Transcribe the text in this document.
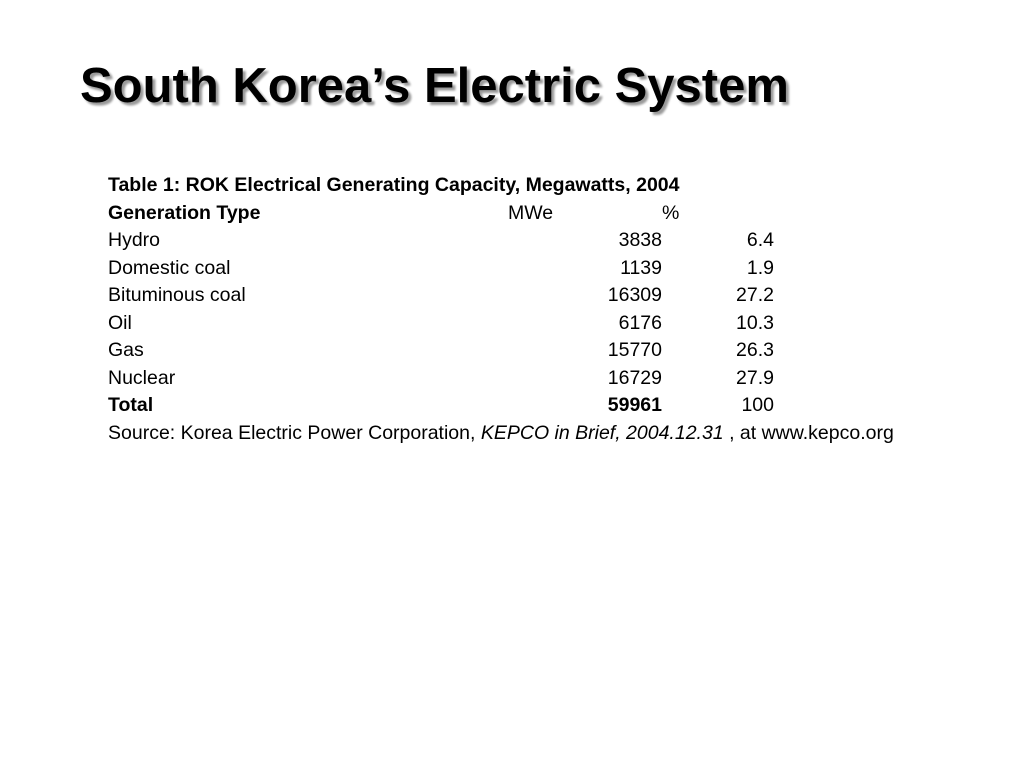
South Korea’s Electric System
Table 1: ROK Electrical Generating Capacity, Megawatts, 2004
Generation Type	MWe	%
Hydro	3838	6.4
Domestic coal	1139	1.9
Bituminous coal	16309	27.2
Oil	6176	10.3
Gas	15770	26.3
Nuclear	16729	27.9
Total	59961	100
Source: Korea Electric Power Corporation, KEPCO in Brief, 2004.12.31 , at www.kepco.org
